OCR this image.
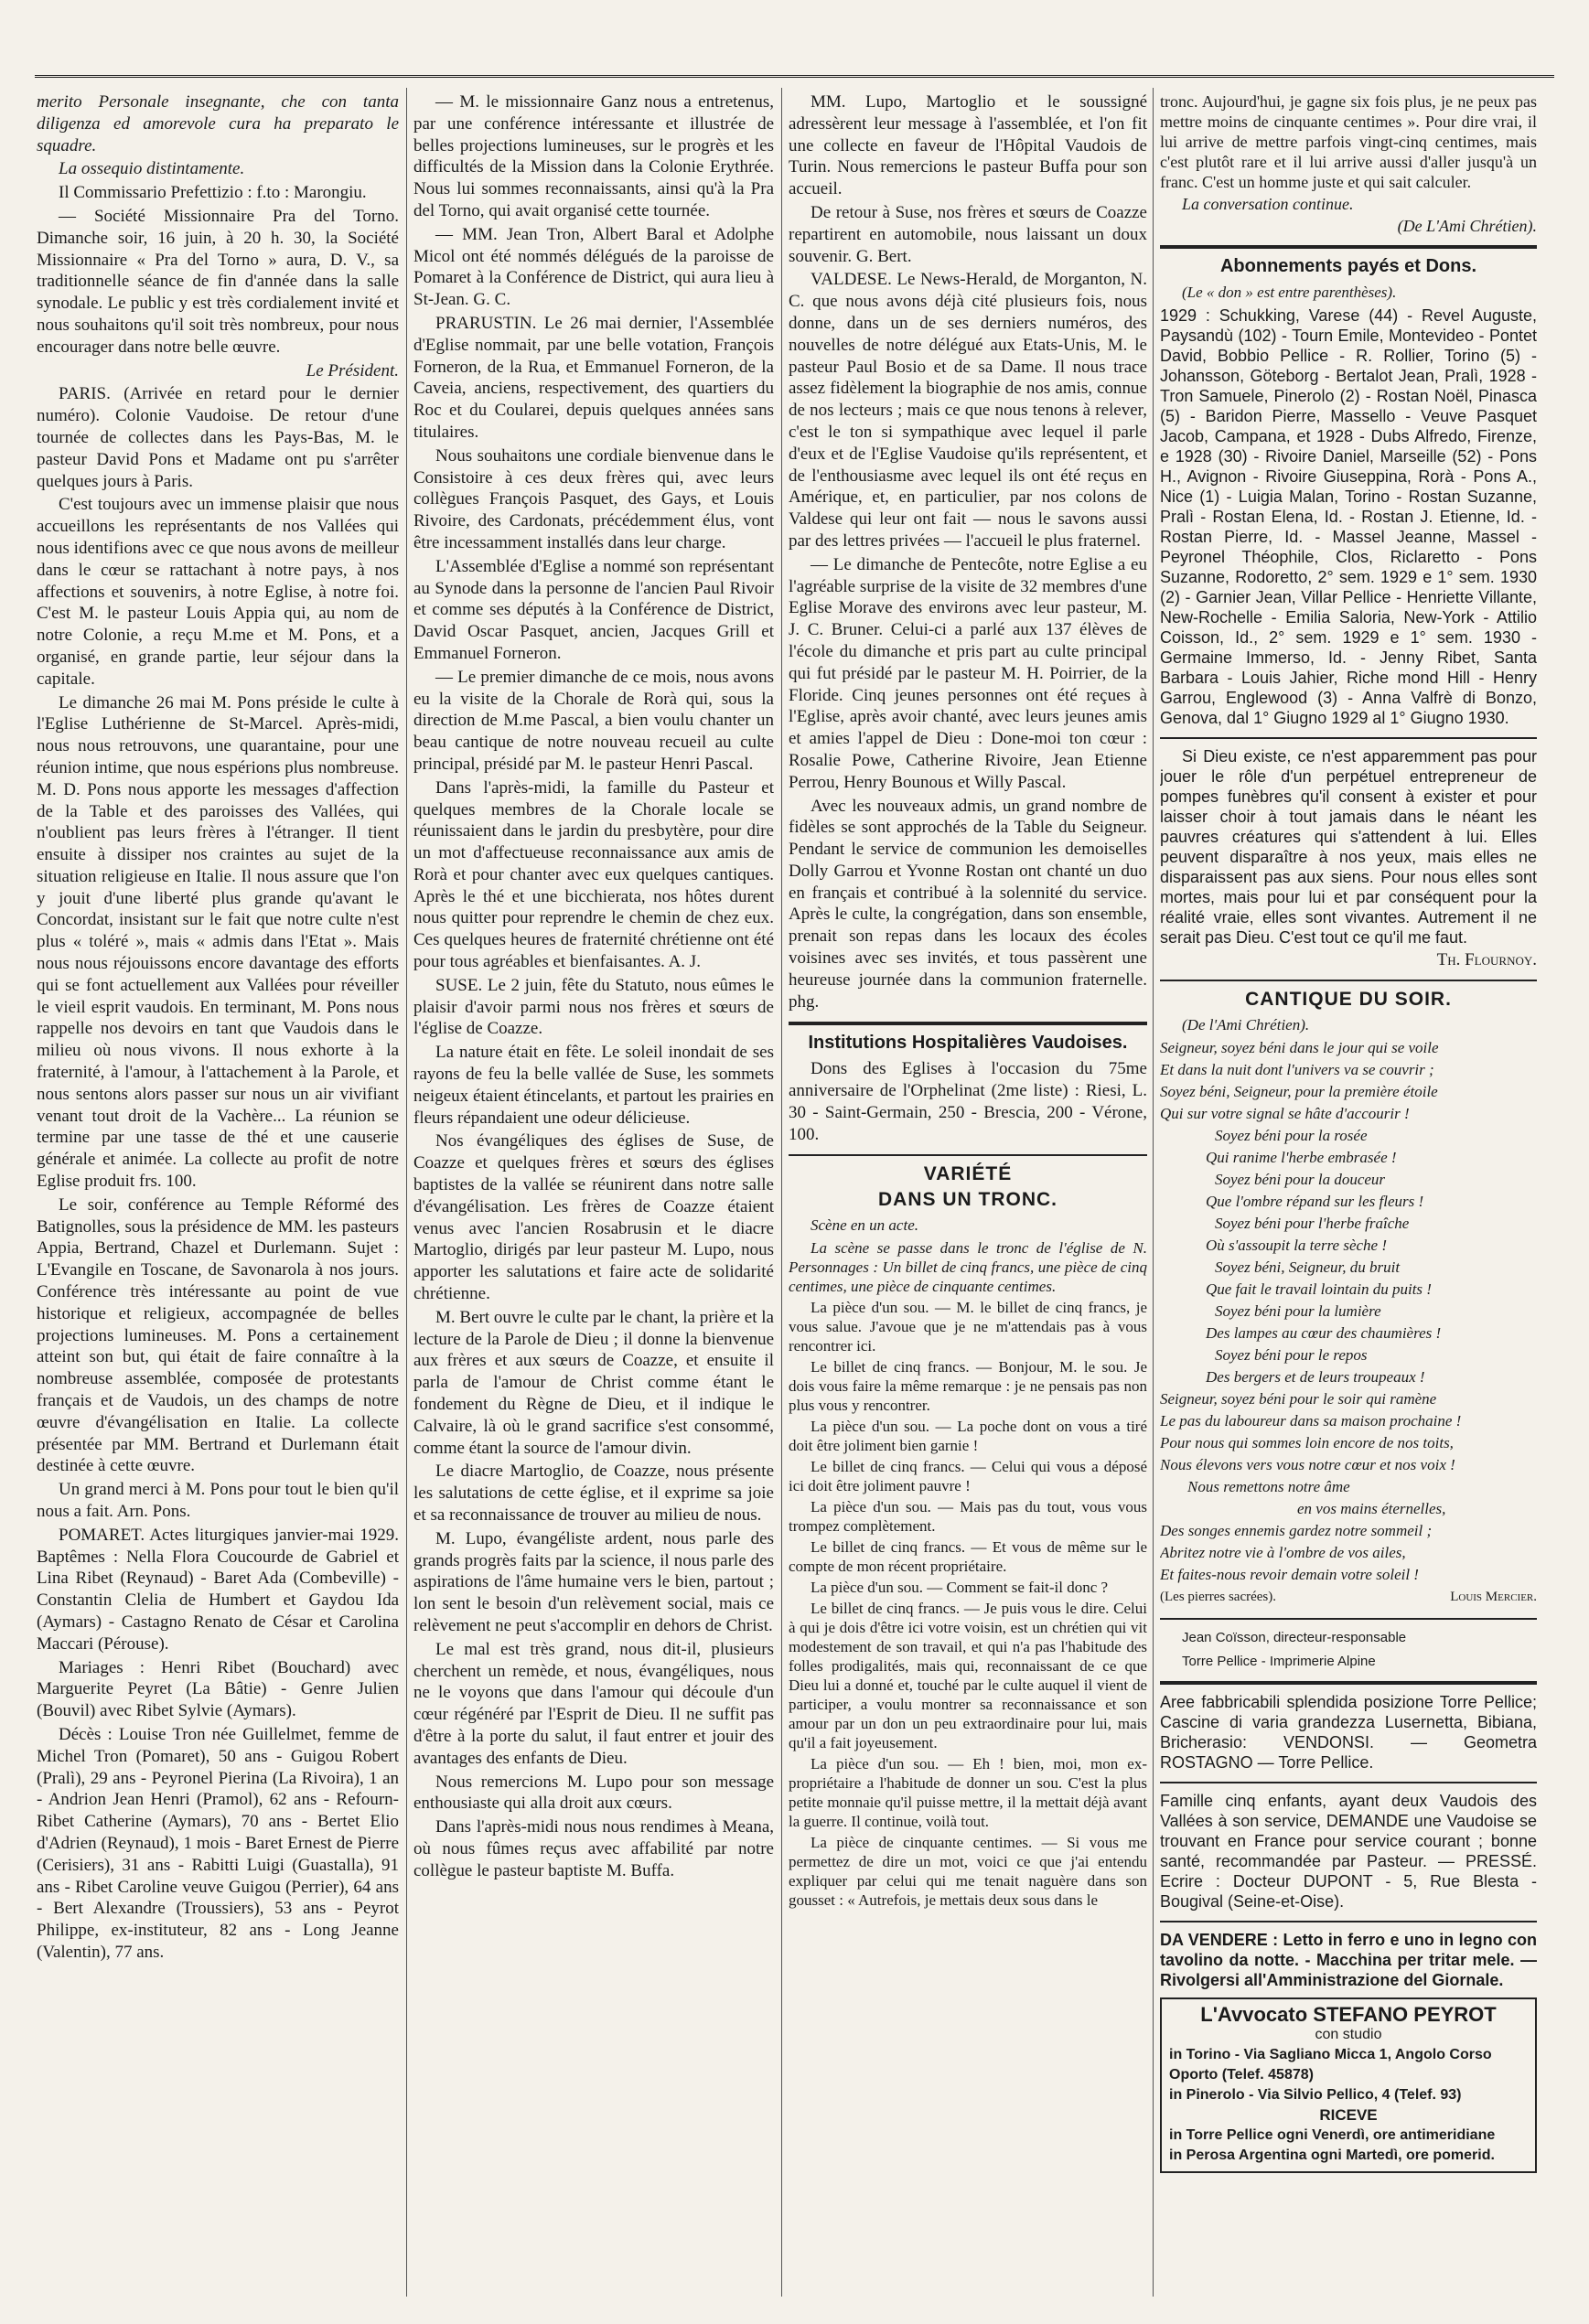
merito Personale insegnante, che con tanta diligenza ed amorevole cura ha preparato le squadre.

La ossequio distintamente.

Il Commissario Prefettizio : f.to : Marongiu.

— Société Missionnaire Pra del Torno. Dimanche soir, 16 juin, à 20 h. 30, la Société Missionnaire « Pra del Torno » aura, D. V., sa traditionnelle séance de fin d'année dans la salle synodale. Le public y est très cordialement invité et nous souhaitons qu'il soit très nombreux, pour nous encourager dans notre belle œuvre.

Le Président.

PARIS. (Arrivée en retard pour le dernier numéro). Colonie Vaudoise. De retour d'une tournée de collectes dans les Pays-Bas, M. le pasteur David Pons et Madame ont pu s'arrêter quelques jours à Paris.

C'est toujours avec un immense plaisir que nous accueillons les représentants de nos Vallées qui nous identifions avec ce que nous avons de meilleur dans le cœur se rattachant à notre pays, à nos affections et souvenirs, à notre Eglise, à notre foi. C'est M. le pasteur Louis Appia qui, au nom de notre Colonie, a reçu M.me et M. Pons, et a organisé, en grande partie, leur séjour dans la capitale.

Le dimanche 26 mai M. Pons préside le culte à l'Eglise Luthérienne de St-Marcel. Après-midi, nous nous retrouvons, une quarantaine, pour une réunion intime, que nous espérions plus nombreuse. M. D. Pons nous apporte les messages d'affection de la Table et des paroisses des Vallées, qui n'oublient pas leurs frères à l'étranger. Il tient ensuite à dissiper nos craintes au sujet de la situation religieuse en Italie. Il nous assure que l'on y jouit d'une liberté plus grande qu'avant le Concordat, insistant sur le fait que notre culte n'est plus « toléré », mais « admis dans l'Etat ». Mais nous nous réjouissons encore davantage des efforts qui se font actuellement aux Vallées pour réveiller le vieil esprit vaudois. En terminant, M. Pons nous rappelle nos devoirs en tant que Vaudois dans le milieu où nous vivons. Il nous exhorte à la fraternité, à l'amour, à l'attachement à la Parole, et nous sentons alors passer sur nous un air vivifiant venant tout droit de la Vachère... La réunion se termine par une tasse de thé et une causerie générale et animée. La collecte au profit de notre Eglise produit frs. 100.

Le soir, conférence au Temple Réformé des Batignolles, sous la présidence de MM. les pasteurs Appia, Bertrand, Chazel et Durlemann. Sujet : L'Evangile en Toscane, de Savonarola à nos jours. Conférence très intéressante au point de vue historique et religieux, accompagnée de belles projections lumineuses. M. Pons a certainement atteint son but, qui était de faire connaître à la nombreuse assemblée, composée de protestants français et de Vaudois, un des champs de notre œuvre d'évangélisation en Italie. La collecte présentée par MM. Bertrand et Durlemann était destinée à cette œuvre.

Un grand merci à M. Pons pour tout le bien qu'il nous a fait. Arn. Pons.

POMARET. Actes liturgiques janvier-mai 1929. Baptêmes : Nella Flora Coucourde de Gabriel et Lina Ribet (Reynaud) - Baret Ada (Combeville) - Constantin Clelia de Humbert et Gaydou Ida (Aymars) - Castagno Renato de César et Carolina Maccari (Pérouse).

Mariages : Henri Ribet (Bouchard) avec Marguerite Peyret (La Bâtie) - Genre Julien (Bouvil) avec Ribet Sylvie (Aymars).

Décès : Louise Tron née Guillelmet, femme de Michel Tron (Pomaret), 50 ans - Guigou Robert (Pralì), 29 ans - Peyronel Pierina (La Rivoira), 1 an - Andrion Jean Henri (Pramol), 62 ans - Refourn-Ribet Catherine (Aymars), 70 ans - Bertet Elio d'Adrien (Reynaud), 1 mois - Baret Ernest de Pierre (Cerisiers), 31 ans - Rabitti Luigi (Guastalla), 91 ans - Ribet Caroline veuve Guigou (Perrier), 64 ans - Bert Alexandre (Troussiers), 53 ans - Peyrot Philippe, ex-instituteur, 82 ans - Long Jeanne (Valentin), 77 ans.

— M. le missionnaire Ganz nous a entretenus, par une conférence intéressante et illustrée de belles projections lumineuses, sur le progrès et les difficultés de la Mission dans la Colonie Erythrée. Nous lui sommes reconnaissants, ainsi qu'à la Pra del Torno, qui avait organisé cette tournée.

— MM. Jean Tron, Albert Baral et Adolphe Micol ont été nommés délégués de la paroisse de Pomaret à la Conférence de District, qui aura lieu à St-Jean. G. C.

PRARUSTIN. Le 26 mai dernier, l'Assemblée d'Eglise nommait, par une belle votation, François Forneron, de la Rua, et Emmanuel Forneron, de la Caveia, anciens, respectivement, des quartiers du Roc et du Coularei, depuis quelques années sans titulaires.

Nous souhaitons une cordiale bienvenue dans le Consistoire à ces deux frères qui, avec leurs collègues François Pasquet, des Gays, et Louis Rivoire, des Cardonats, précédemment élus, vont être incessamment installés dans leur charge.

L'Assemblée d'Eglise a nommé son représentant au Synode dans la personne de l'ancien Paul Rivoir et comme ses députés à la Conférence de District, David Oscar Pasquet, ancien, Jacques Grill et Emmanuel Forneron.

— Le premier dimanche de ce mois, nous avons eu la visite de la Chorale de Rorà qui, sous la direction de M.me Pascal, a bien voulu chanter un beau cantique de notre nouveau recueil au culte principal, présidé par M. le pasteur Henri Pascal.

Dans l'après-midi, la famille du Pasteur et quelques membres de la Chorale locale se réunissaient dans le jardin du presbytère, pour dire un mot d'affectueuse reconnaissance aux amis de Rorà et pour chanter avec eux quelques cantiques. Après le thé et une bicchierata, nos hôtes durent nous quitter pour reprendre le chemin de chez eux. Ces quelques heures de fraternité chrétienne ont été pour tous agréables et bienfaisantes. A. J.

SUSE. Le 2 juin, fête du Statuto, nous eûmes le plaisir d'avoir parmi nous nos frères et sœurs de l'église de Coazze.

La nature était en fête. Le soleil inondait de ses rayons de feu la belle vallée de Suse, les sommets neigeux étaient étincelants, et partout les prairies en fleurs répandaient une odeur délicieuse.

Nos évangéliques des églises de Suse, de Coazze et quelques frères et sœurs des églises baptistes de la vallée se réunirent dans notre salle d'évangélisation. Les frères de Coazze étaient venus avec l'ancien Rosabrusin et le diacre Martoglio, dirigés par leur pasteur M. Lupo, nous apporter les salutations et faire acte de solidarité chrétienne.

M. Bert ouvre le culte par le chant, la prière et la lecture de la Parole de Dieu ; il donne la bienvenue aux frères et aux sœurs de Coazze, et ensuite il parla de l'amour de Christ comme étant le fondement du Règne de Dieu, et il indique le Calvaire, là où le grand sacrifice s'est consommé, comme étant la source de l'amour divin.

Le diacre Martoglio, de Coazze, nous présente les salutations de cette église, et il exprime sa joie et sa reconnaissance de trouver au milieu de nous.

M. Lupo, évangéliste ardent, nous parle des grands progrès faits par la science, il nous parle des aspirations de l'âme humaine vers le bien, partout ; lon sent le besoin d'un relèvement social, mais ce relèvement ne peut s'accomplir en dehors de Christ.

Le mal est très grand, nous dit-il, plusieurs cherchent un remède, et nous, évangéliques, nous ne le voyons que dans l'amour qui découle d'un cœur régénéré par l'Esprit de Dieu. Il ne suffit pas d'être à la porte du salut, il faut entrer et jouir des avantages des enfants de Dieu.

Nous remercions M. Lupo pour son message enthousiaste qui alla droit aux cœurs.

Dans l'après-midi nous nous rendimes à Meana, où nous fûmes reçus avec affabilité par notre collègue le pasteur baptiste M. Buffa.

MM. Lupo, Martoglio et le soussigné adressèrent leur message à l'assemblée, et l'on fit une collecte en faveur de l'Hôpital Vaudois de Turin. Nous remercions le pasteur Buffa pour son accueil.

De retour à Suse, nos frères et sœurs de Coazze repartirent en automobile, nous laissant un doux souvenir. G. Bert.

VALDESE. Le News-Herald, de Morganton, N. C. que nous avons déjà cité plusieurs fois, nous donne, dans un de ses derniers numéros, des nouvelles de notre délégué aux Etats-Unis, M. le pasteur Paul Bosio et de sa Dame. Il nous trace assez fidèlement la biographie de nos amis, connue de nos lecteurs ; mais ce que nous tenons à relever, c'est le ton si sympathique avec lequel il parle d'eux et de l'Eglise Vaudoise qu'ils représentent, et de l'enthousiasme avec lequel ils ont été reçus en Amérique, et, en particulier, par nos colons de Valdese qui leur ont fait — nous le savons aussi par des lettres privées — l'accueil le plus fraternel.

— Le dimanche de Pentecôte, notre Eglise a eu l'agréable surprise de la visite de 32 membres d'une Eglise Morave des environs avec leur pasteur, M. J. C. Bruner. Celui-ci a parlé aux 137 élèves de l'école du dimanche et pris part au culte principal qui fut présidé par le pasteur M. H. Poirrier, de la Floride. Cinq jeunes personnes ont été reçues à l'Eglise, après avoir chanté, avec leurs jeunes amis et amies l'appel de Dieu : Done-moi ton cœur : Rosalie Powe, Catherine Rivoire, Jean Etienne Perrou, Henry Bounous et Willy Pascal.

Avec les nouveaux admis, un grand nombre de fidèles se sont approchés de la Table du Seigneur. Pendant le service de communion les demoiselles Dolly Garrou et Yvonne Rostan ont chanté un duo en français et contribué à la solennité du service. Après le culte, la congrégation, dans son ensemble, prenait son repas dans les locaux des écoles voisines avec ses invités, et tous passèrent une heureuse journée dans la communion fraternelle. phg.

Institutions Hospitalières Vaudoises.

Dons des Eglises à l'occasion du 75me anniversaire de l'Orphelinat (2me liste) : Riesi, L. 30 - Saint-Germain, 250 - Brescia, 200 - Vérone, 100.

VARIÉTÉ
DANS UN TRONC.

Scène en un acte.

La scène se passe dans le tronc de l'église de N. Personnages : Un billet de cinq francs, une pièce de cinq centimes, une pièce de cinquante centimes.

La pièce d'un sou. — M. le billet de cinq francs, je vous salue. J'avoue que je ne m'attendais pas à vous rencontrer ici.

Le billet de cinq francs. — Bonjour, M. le sou. Je dois vous faire la même remarque : je ne pensais pas non plus vous y rencontrer.

La pièce d'un sou. — La poche dont on vous a tiré doit être joliment bien garnie !

Le billet de cinq francs. — Celui qui vous a déposé ici doit être joliment pauvre !

La pièce d'un sou. — Mais pas du tout, vous vous trompez complètement.

Le billet de cinq francs. — Et vous de même sur le compte de mon récent propriétaire.

La pièce d'un sou. — Comment se fait-il donc ?

Le billet de cinq francs. — Je puis vous le dire. Celui à qui je dois d'être ici votre voisin, est un chrétien qui vit modestement de son travail, et qui n'a pas l'habitude des folles prodigalités, mais qui, reconnaissant de ce que Dieu lui a donné et, touché par le culte auquel il vient de participer, a voulu montrer sa reconnaissance et son amour par un don un peu extraordinaire pour lui, mais qu'il a fait joyeusement.

La pièce d'un sou. — Eh ! bien, moi, mon ex-propriétaire a l'habitude de donner un sou. C'est la plus petite monnaie qu'il puisse mettre, il la mettait déjà avant la guerre. Il continue, voilà tout.

La pièce de cinquante centimes. — Si vous me permettez de dire un mot, voici ce que j'ai entendu expliquer par celui qui me tenait naguère dans son gousset : « Autrefois, je mettais deux sous dans le

tronc. Aujourd'hui, je gagne six fois plus, je ne peux pas mettre moins de cinquante centimes ». Pour dire vrai, il lui arrive de mettre parfois vingt-cinq centimes, mais c'est plutôt rare et il lui arrive aussi d'aller jusqu'à un franc. C'est un homme juste et qui sait calculer.

La conversation continue.

(De L'Ami Chrétien).

Abonnements payés et Dons.

(Le « don » est entre parenthèses).

1929 : Schukking, Varese (44) - Revel Auguste, Paysandù (102) - Tourn Emile, Montevideo - Pontet David, Bobbio Pellice - R. Rollier, Torino (5) - Johansson, Göteborg - Bertalot Jean, Pralì, 1928 - Tron Samuele, Pinerolo (2) - Rostan Noël, Pinasca (5) - Baridon Pierre, Massello - Veuve Pasquet Jacob, Campana, et 1928 - Dubs Alfredo, Firenze, e 1928 (30) - Rivoire Daniel, Marseille (52) - Pons H., Avignon - Rivoire Giuseppina, Rorà - Pons A., Nice (1) - Luigia Malan, Torino - Rostan Suzanne, Pralì - Rostan Elena, Id. - Rostan J. Etienne, Id. - Rostan Pierre, Id. - Massel Jeanne, Massel - Peyronel Théophile, Clos, Riclaretto - Pons Suzanne, Rodoretto, 2° sem. 1929 e 1° sem. 1930 (2) - Garnier Jean, Villar Pellice - Henriette Villante, New-Rochelle - Emilia Saloria, New-York - Attilio Coisson, Id., 2° sem. 1929 e 1° sem. 1930 - Germaine Immerso, Id. - Jenny Ribet, Santa Barbara - Louis Jahier, Riche mond Hill - Henry Garrou, Englewood (3) - Anna Valfrè di Bonzo, Genova, dal 1° Giugno 1929 al 1° Giugno 1930.

Si Dieu existe, ce n'est apparemment pas pour jouer le rôle d'un perpétuel entrepreneur de pompes funèbres qu'il consent à exister et pour laisser choir à tout jamais dans le néant les pauvres créatures qui s'attendent à lui. Elles peuvent disparaître à nos yeux, mais elles ne disparaissent pas aux siens. Pour nous elles sont mortes, mais pour lui et par conséquent pour la réalité vraie, elles sont vivantes. Autrement il ne serait pas Dieu. C'est tout ce qu'il me faut.

Th. Flournoy.

CANTIQUE DU SOIR.

(De l'Ami Chrétien).

Seigneur, soyez béni dans le jour qui se voile

Et dans la nuit dont l'univers va se couvrir ;

Soyez béni, Seigneur, pour la première étoile

Qui sur votre signal se hâte d'accourir !

Soyez béni pour la rosée

Qui ranime l'herbe embrasée !

Soyez béni pour la douceur

Que l'ombre répand sur les fleurs !

Soyez béni pour l'herbe fraîche

Où s'assoupit la terre sèche !

Soyez béni, Seigneur, du bruit

Que fait le travail lointain du puits !

Soyez béni pour la lumière

Des lampes au cœur des chaumières !

Soyez béni pour le repos

Des bergers et de leurs troupeaux !

Seigneur, soyez béni pour le soir qui ramène

Le pas du laboureur dans sa maison prochaine !

Pour nous qui sommes loin encore de nos toits,

Nous élevons vers vous notre cœur et nos voix !

Nous remettons notre âme

en vos mains éternelles,

Des songes ennemis gardez notre sommeil ;

Abritez notre vie à l'ombre de vos ailes,

Et faites-nous revoir demain votre soleil !

(Les pierres sacrées).	Louis Mercier.

Jean Coïsson, directeur-responsable

Torre Pellice - Imprimerie Alpine

Aree fabbricabili splendida posizione Torre Pellice; Cascine di varia grandezza Lusernetta, Bibiana, Bricherasio: VENDONSI. — Geometra ROSTAGNO — Torre Pellice.

Famille cinq enfants, ayant deux Vaudois des Vallées à son service, DEMANDE une Vaudoise se trouvant en France pour service courant ; bonne santé, recommandée par Pasteur. — PRESSÉ. Ecrire : Docteur DUPONT - 5, Rue Blesta - Bougival (Seine-et-Oise).

DA VENDERE : Letto in ferro e uno in legno con tavolino da notte. - Macchina per tritar mele. — Rivolgersi all'Amministrazione del Giornale.

L'Avvocato STEFANO PEYROT
con studio
in Torino - Via Sagliano Micca 1, Angolo Corso Oporto (Telef. 45878)
in Pinerolo - Via Silvio Pellico, 4 (Telef. 93)
RICEVE
in Torre Pellice ogni Venerdì, ore antimeridiane
in Perosa Argentina ogni Martedì, ore pomerid.
